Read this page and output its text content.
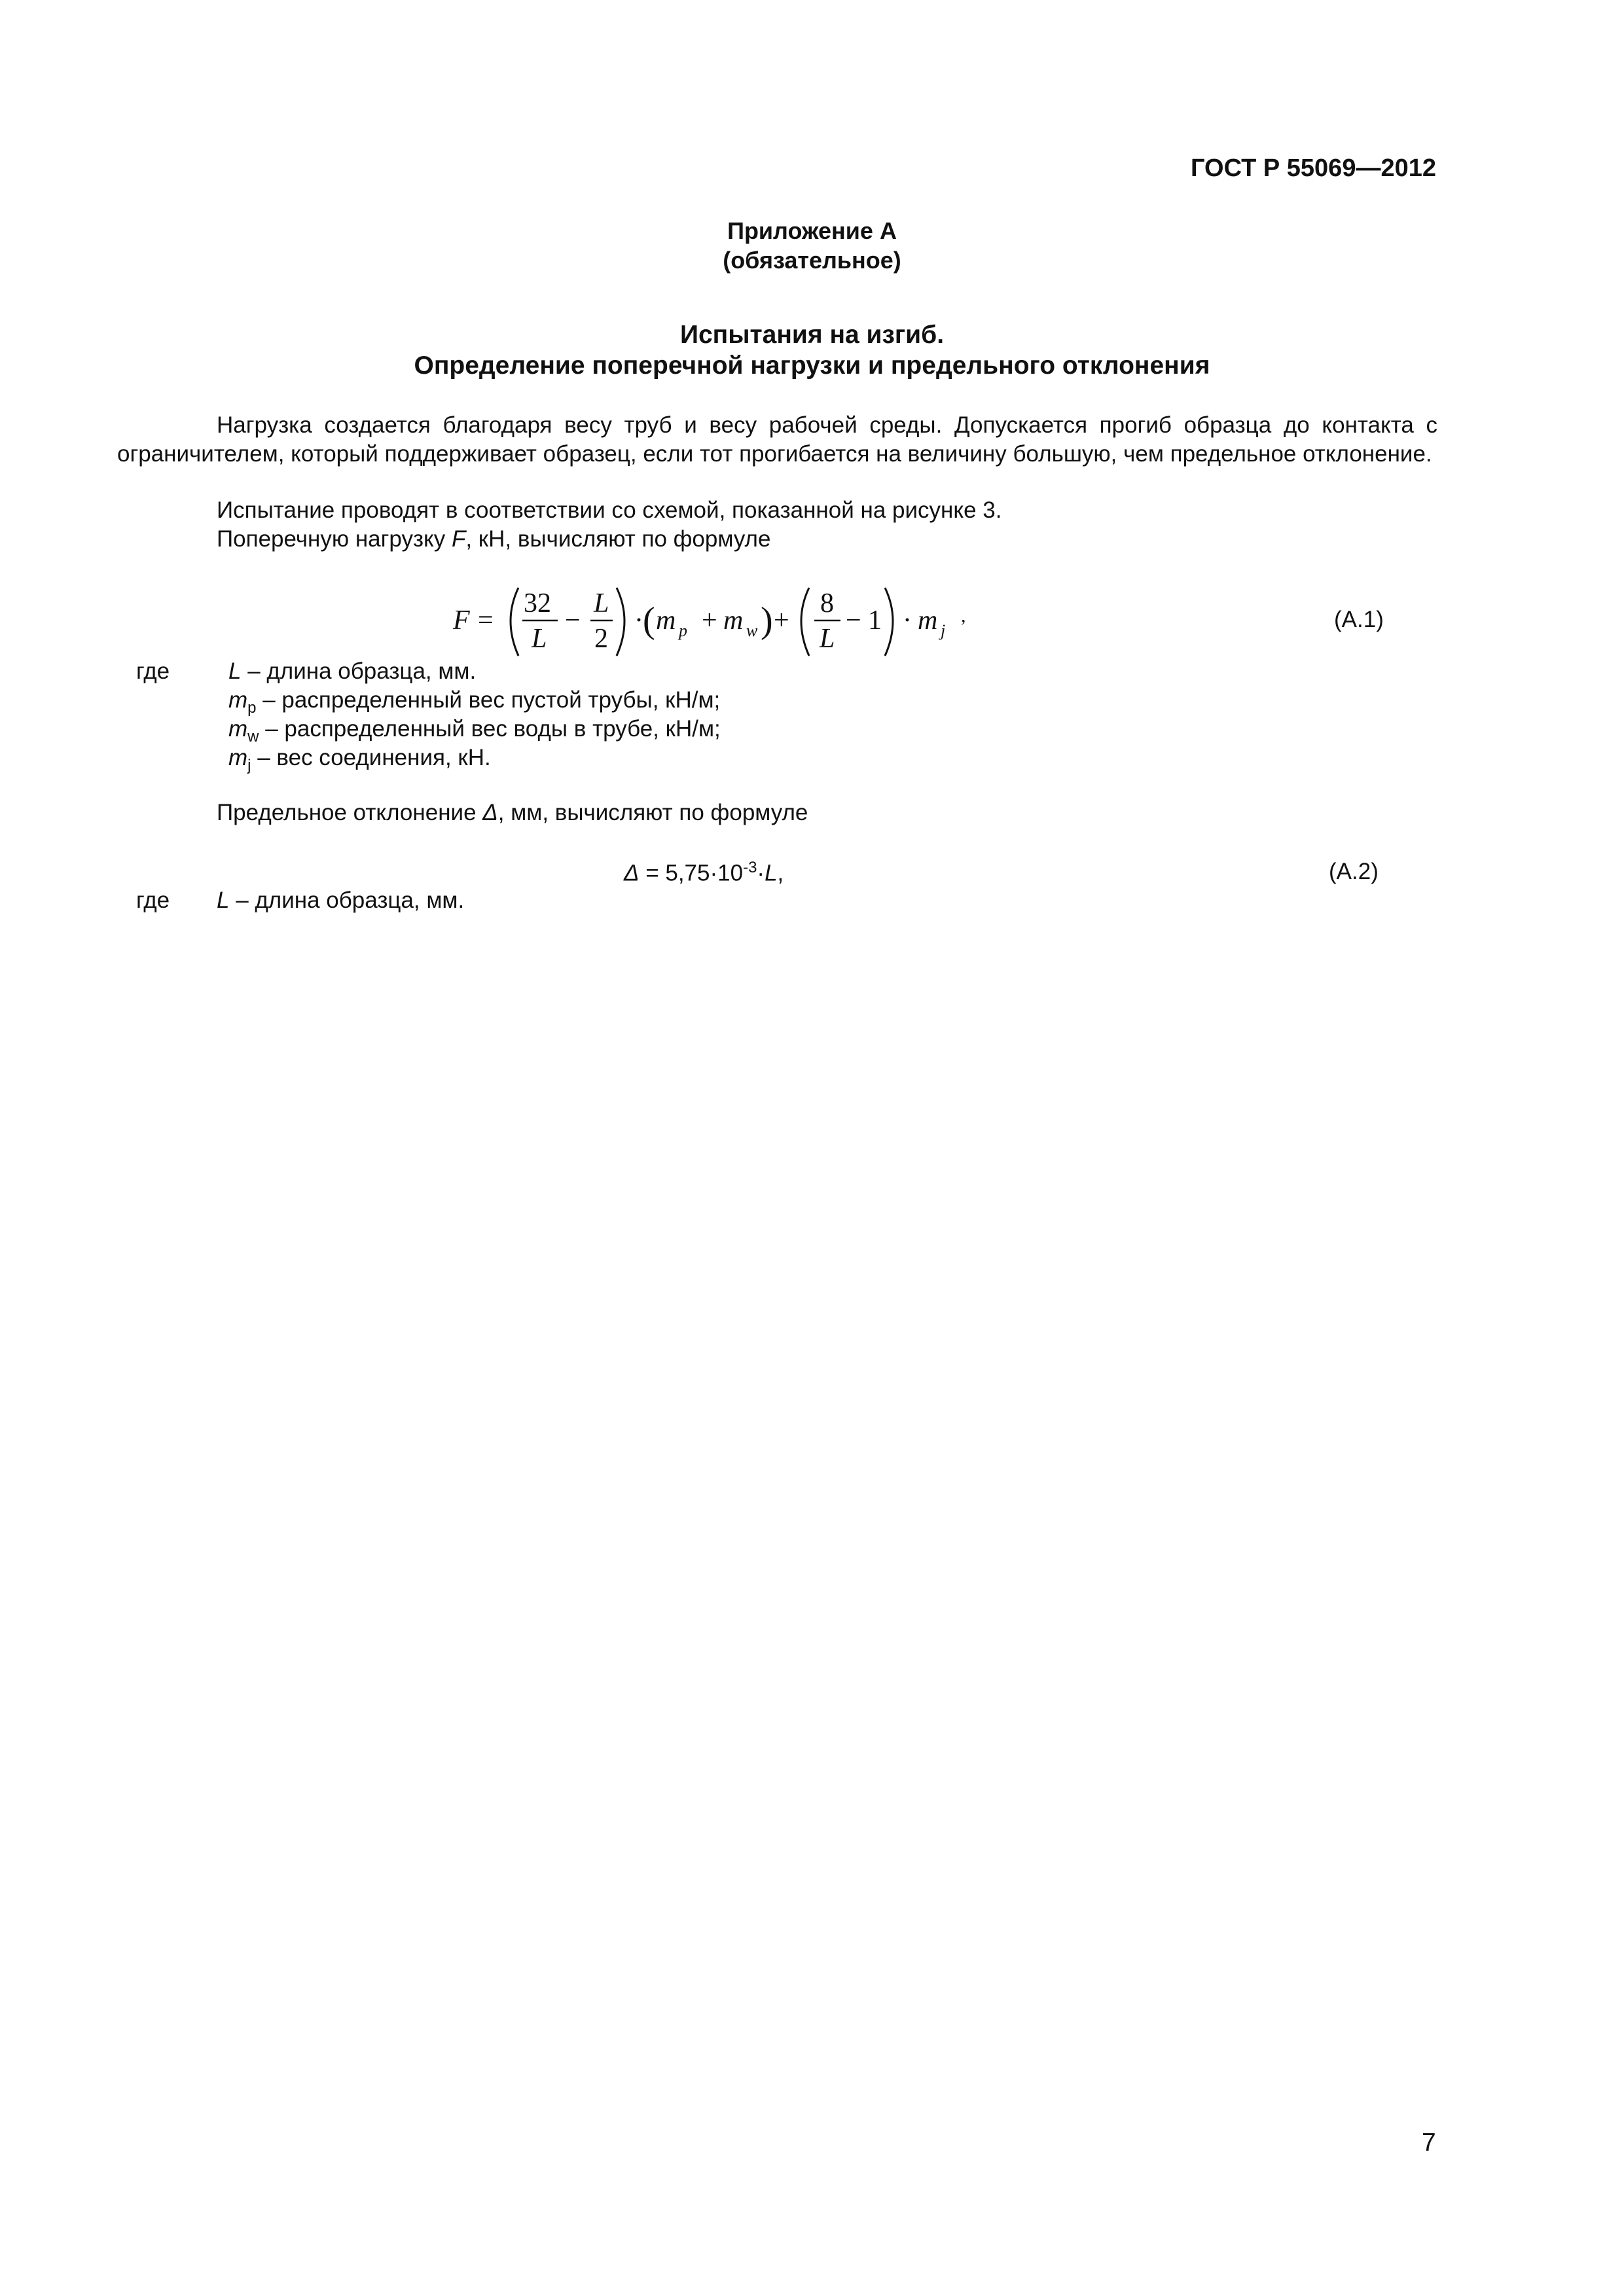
ГОСТ Р 55069—2012
Приложение А
(обязательное)
Испытания на изгиб.
Определение поперечной нагрузки и предельного отклонения
Нагрузка создается благодаря весу труб и весу рабочей среды. Допускается прогиб образца до контакта с ограничителем, который поддерживает образец, если тот прогибается на величину большую, чем предельное отклонение.
Испытание проводят в соответствии со схемой, показанной на рисунке 3.
Поперечную нагрузку F, кН, вычисляют по формуле
F =
32
L
−
L
2
· ( m p + m w ) +
8
L
− 1 · m j
,	(А.1)
где	L – длина образца, мм.
$m_p$ – распределенный вес пустой трубы, кН/м;
$m_w$ – распределенный вес воды в трубе, кН/м;
$m_j$ – вес соединения, кН.
Предельное отклонение Δ, мм, вычисляют по формуле
$\Delta = 5,75\cdot 10^{-3}\cdot L$,	(А.2)
где L – длина образца, мм.
7
